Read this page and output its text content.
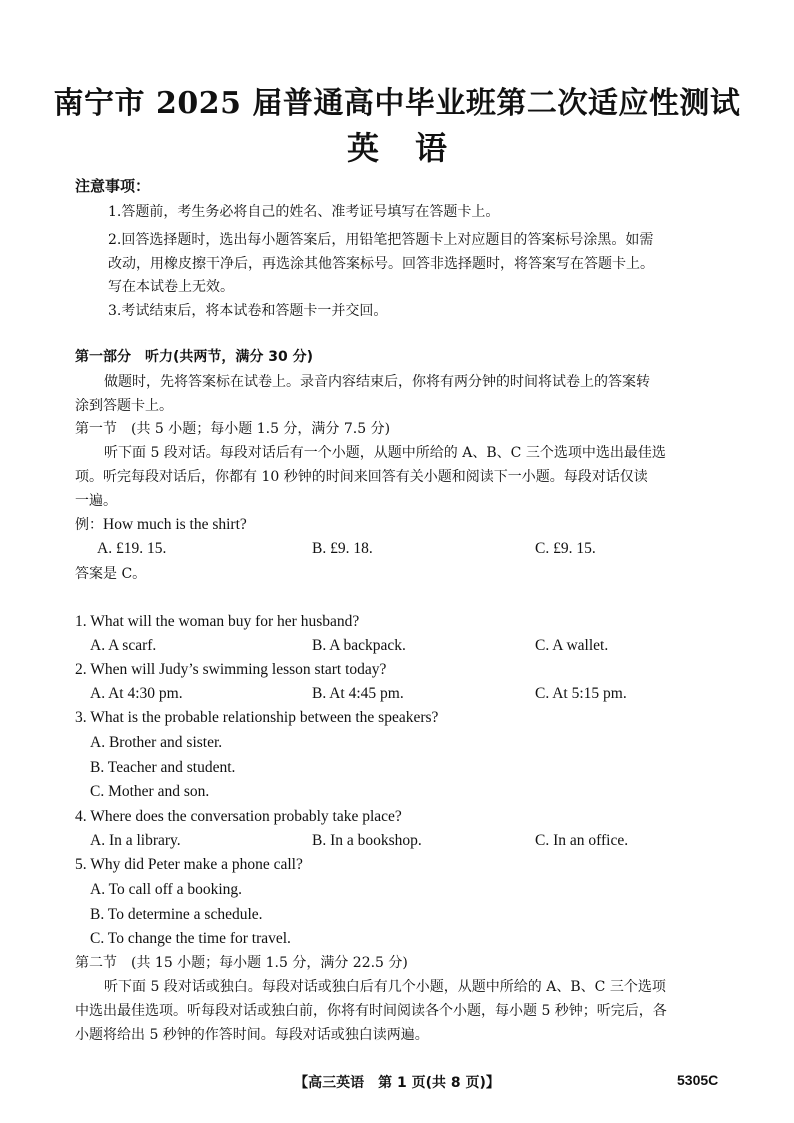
南宁市 2025 届普通高中毕业班第二次适应性测试
英语
注意事项：
1.答题前，考生务必将自己的姓名、准考证号填写在答题卡上。
2.回答选择题时，选出每小题答案后，用铅笔把答题卡上对应题目的答案标号涂黑。如需
改动，用橡皮擦干净后，再选涂其他答案标号。回答非选择题时，将答案写在答题卡上。
写在本试卷上无效。
3.考试结束后，将本试卷和答题卡一并交回。
第一部分　听力(共两节，满分 30 分)
做题时，先将答案标在试卷上。录音内容结束后，你将有两分钟的时间将试卷上的答案转
涂到答题卡上。
第一节　(共 5 小题；每小题 1.5 分，满分 7.5 分)
听下面 5 段对话。每段对话后有一个小题，从题中所给的 A、B、C 三个选项中选出最佳选
项。听完每段对话后，你都有 10 秒钟的时间来回答有关小题和阅读下一小题。每段对话仅读
一遍。
例：How much is the shirt?
A. £19. 15.	B. £9. 18.	C. £9. 15.
答案是 C。
1. What will the woman buy for her husband?
A. A scarf.	B. A backpack.	C. A wallet.
2. When will Judy’s swimming lesson start today?
A. At 4:30 pm.	B. At 4:45 pm.	C. At 5:15 pm.
3. What is the probable relationship between the speakers?
A. Brother and sister.
B. Teacher and student.
C. Mother and son.
4. Where does the conversation probably take place?
A. In a library.	B. In a bookshop.	C. In an office.
5. Why did Peter make a phone call?
A. To call off a booking.
B. To determine a schedule.
C. To change the time for travel.
第二节　(共 15 小题；每小题 1.5 分，满分 22.5 分)
听下面 5 段对话或独白。每段对话或独白后有几个小题，从题中所给的 A、B、C 三个选项
中选出最佳选项。听每段对话或独白前，你将有时间阅读各个小题，每小题 5 秒钟；听完后，各
小题将给出 5 秒钟的作答时间。每段对话或独白读两遍。
【高三英语　第 1 页(共 8 页)】	5305C
